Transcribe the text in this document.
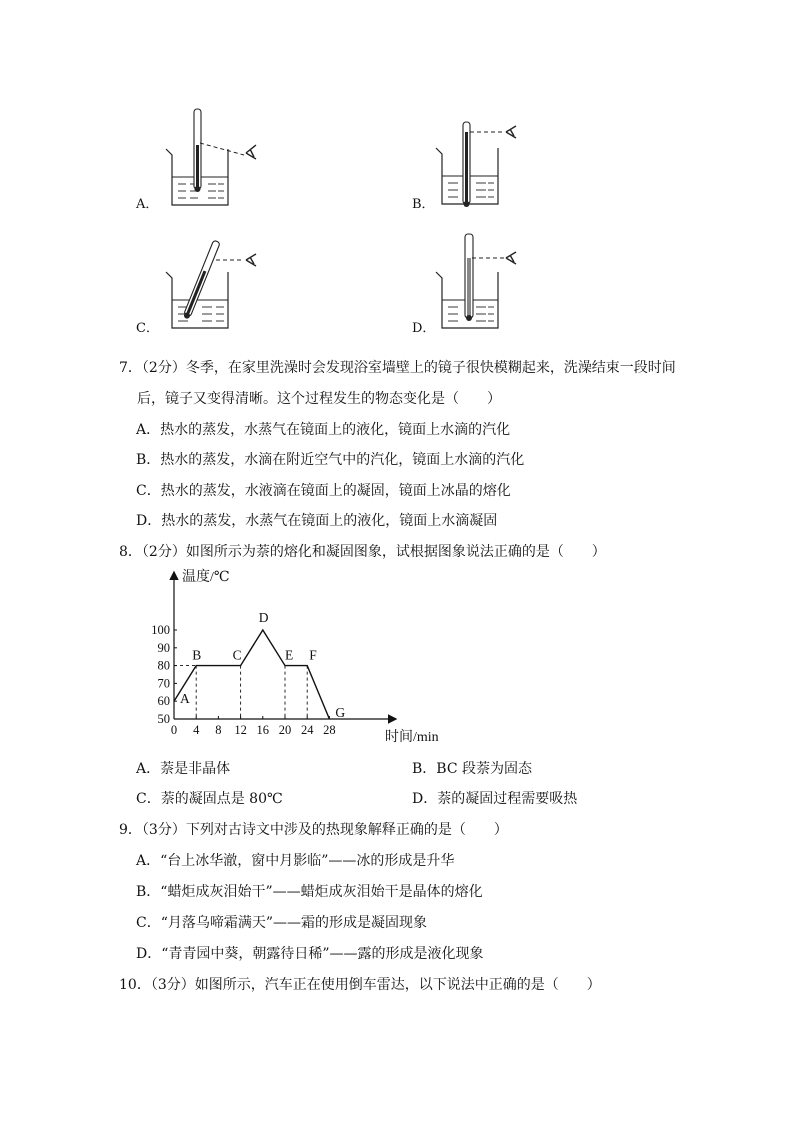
A．	B．
C．	D．
7．（2分）冬季，在家里洗澡时会发现浴室墙壁上的镜子很快模糊起来，洗澡结束一段时间
后，镜子又变得清晰。这个过程发生的物态变化是（　　）
A．热水的蒸发，水蒸气在镜面上的液化，镜面上水滴的汽化
B．热水的蒸发，水滴在附近空气中的汽化，镜面上水滴的汽化
C．热水的蒸发，水液滴在镜面上的凝固，镜面上冰晶的熔化
D．热水的蒸发，水蒸气在镜面上的液化，镜面上水滴凝固
8．（2分）如图所示为萘的熔化和凝固图象，试根据图象说法正确的是（　　）
温度/℃
时间/min
0 4 8 12 16 20 24 28
50
60
70
80
90
100
A
B C
D
E F
G
A．萘是非晶体	B．BC 段萘为固态
C．萘的凝固点是 80℃	D．萘的凝固过程需要吸热
9．（3分）下列对古诗文中涉及的热现象解释正确的是（　　）
A．“台上冰华澈，窗中月影临”——冰的形成是升华
B．“蜡炬成灰泪始干”——蜡炬成灰泪始干是晶体的熔化
C．“月落乌啼霜满天”——霜的形成是凝固现象
D．“青青园中葵，朝露待日稀”——露的形成是液化现象
10．（3分）如图所示，汽车正在使用倒车雷达，以下说法中正确的是（　　）
